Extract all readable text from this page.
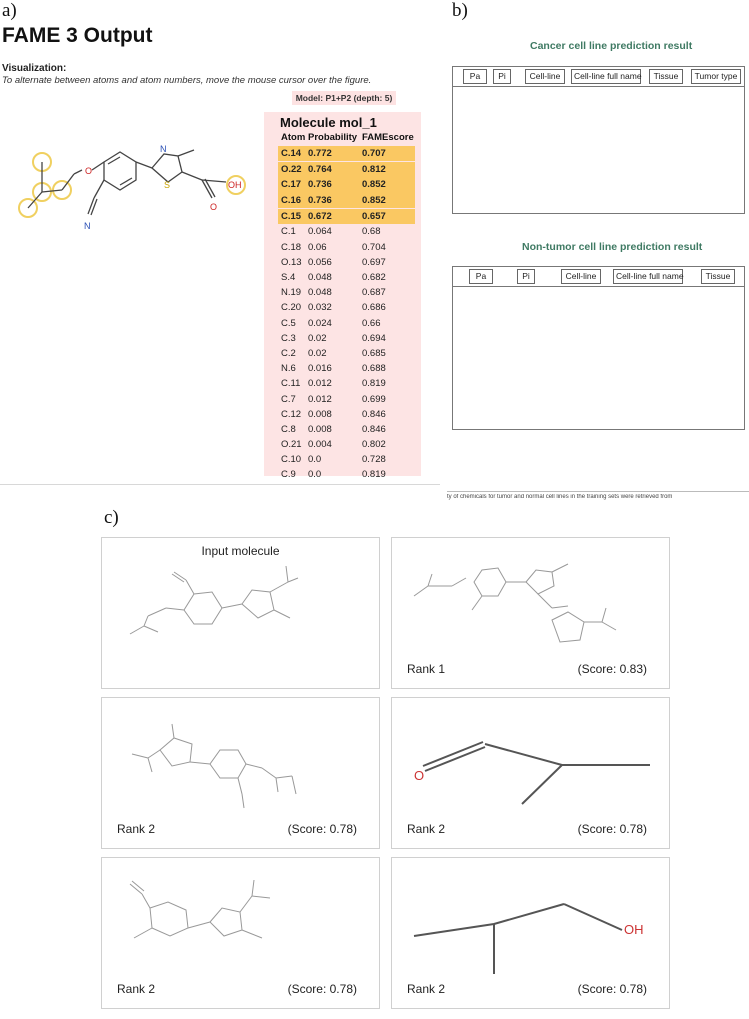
a)
FAME 3 Output
Visualization:
To alternate between atoms and atom numbers, move the mouse cursor over the figure.
O
N
N
S
O
OH
Model: P1+P2 (depth: 5)
Molecule mol_1
Atom Probability FAMEscore
C.14 0.772	0.707
O.22 0.764	0.812
C.17 0.736	0.852
C.16 0.736	0.852
C.15 0.672	0.657
C.1 0.064	0.68
C.18 0.06	0.704
O.13 0.056	0.697
S.4 0.048	0.682
N.19 0.048	0.687
C.20 0.032	0.686
C.5 0.024	0.66
C.3 0.02	0.694
C.2 0.02	0.685
N.6 0.016	0.688
C.11 0.012	0.819
C.7 0.012	0.699
C.12 0.008	0.846
C.8 0.008	0.846
O.21 0.004	0.802
C.10 0.0	0.728
C.9 0.0	0.819
b)
Cancer cell line prediction result
Pa	Pi	Cell-line	Cell-line full name	Tissue	Tumor type
Non-tumor cell line prediction result
Pa	Pi	Cell-line	Cell-line full name	Tissue
ty of chemicals for tumor and normal cell lines in the training sets were retrieved from
c)
Input molecule
Rank 1	(Score: 0.83)
Rank 2	(Score: 0.78)
O
Rank 2	(Score: 0.78)
Rank 2	(Score: 0.78)
OH
Rank 2	(Score: 0.78)
